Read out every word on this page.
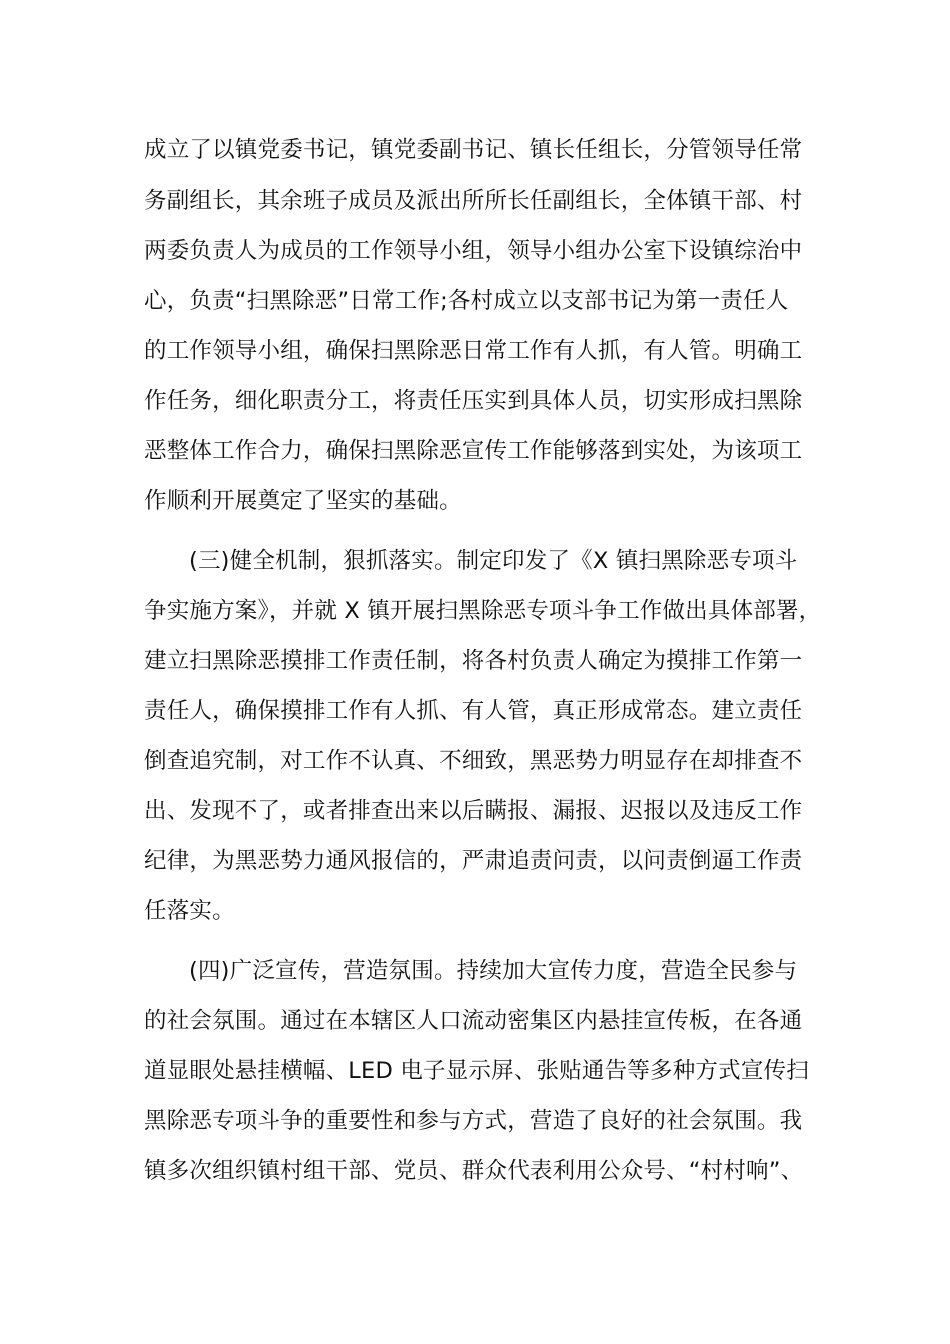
成立了以镇党委书记，镇党委副书记、镇长任组长，分管领导任常

务副组长，其余班子成员及派出所所长任副组长，全体镇干部、村

两委负责人为成员的工作领导小组，领导小组办公室下设镇综治中

心，负责“扫黑除恶”日常工作;各村成立以支部书记为第一责任人

的工作领导小组，确保扫黑除恶日常工作有人抓，有人管。明确工

作任务，细化职责分工，将责任压实到具体人员，切实形成扫黑除

恶整体工作合力，确保扫黑除恶宣传工作能够落到实处，为该项工

作顺利开展奠定了坚实的基础。

(三)健全机制，狠抓落实。制定印发了《X 镇扫黑除恶专项斗

争实施方案》，并就 X 镇开展扫黑除恶专项斗争工作做出具体部署，

建立扫黑除恶摸排工作责任制，将各村负责人确定为摸排工作第一

责任人，确保摸排工作有人抓、有人管，真正形成常态。建立责任

倒查追究制，对工作不认真、不细致，黑恶势力明显存在却排查不

出、发现不了，或者排查出来以后瞒报、漏报、迟报以及违反工作

纪律，为黑恶势力通风报信的，严肃追责问责，以问责倒逼工作责

任落实。

(四)广泛宣传，营造氛围。持续加大宣传力度，营造全民参与

的社会氛围。通过在本辖区人口流动密集区内悬挂宣传板，在各通

道显眼处悬挂横幅、LED 电子显示屏、张贴通告等多种方式宣传扫

黑除恶专项斗争的重要性和参与方式，营造了良好的社会氛围。我

镇多次组织镇村组干部、党员、群众代表利用公众号、“村村响”、
